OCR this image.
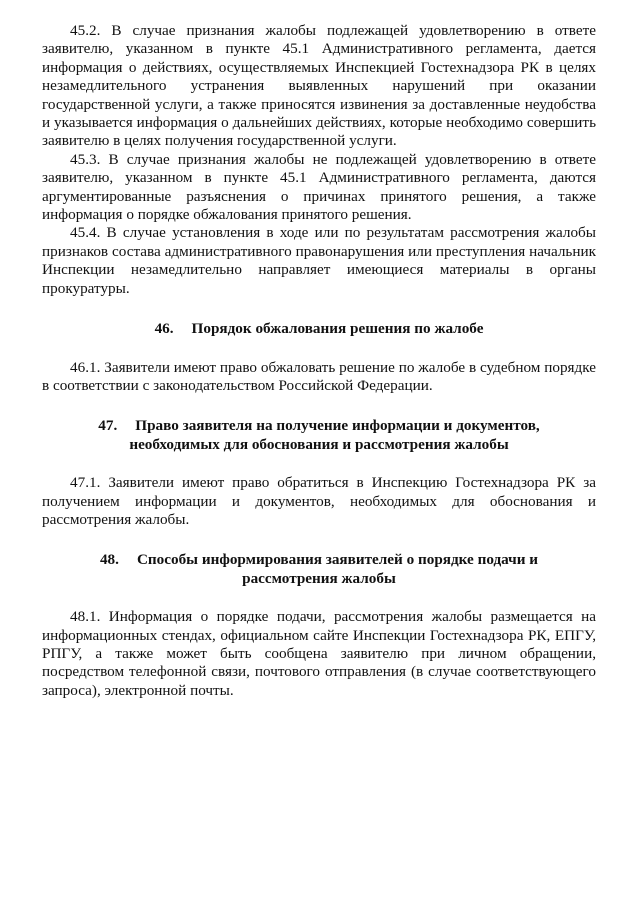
45.2. В случае признания жалобы подлежащей удовлетворению в ответе заявителю, указанном в пункте 45.1 Административного регламента, дается информация о действиях, осуществляемых Инспекцией Гостехнадзора РК в целях незамедлительного устранения выявленных нарушений при оказании государственной услуги, а также приносятся извинения за доставленные неудобства и указывается информация о дальнейших действиях, которые необходимо совершить заявителю в целях получения государственной услуги.

45.3. В случае признания жалобы не подлежащей удовлетворению в ответе заявителю, указанном в пункте 45.1 Административного регламента, даются аргументированные разъяснения о причинах принятого решения, а также информация о порядке обжалования принятого решения.

45.4. В случае установления в ходе или по результатам рассмотрения жалобы признаков состава административного правонарушения или преступления начальник Инспекции незамедлительно направляет имеющиеся материалы в органы прокуратуры.

46. Порядок обжалования решения по жалобе

46.1. Заявители имеют право обжаловать решение по жалобе в судебном порядке в соответствии с законодательством Российской Федерации.

47. Право заявителя на получение информации и документов, необходимых для обоснования и рассмотрения жалобы

47.1. Заявители имеют право обратиться в Инспекцию Гостехнадзора РК за получением информации и документов, необходимых для обоснования и рассмотрения жалобы.

48. Способы информирования заявителей о порядке подачи и рассмотрения жалобы

48.1. Информация о порядке подачи, рассмотрения жалобы размещается на информационных стендах, официальном сайте Инспекции Гостехнадзора РК, ЕПГУ, РПГУ, а также может быть сообщена заявителю при личном обращении, посредством телефонной связи, почтового отправления (в случае соответствующего запроса), электронной почты.
